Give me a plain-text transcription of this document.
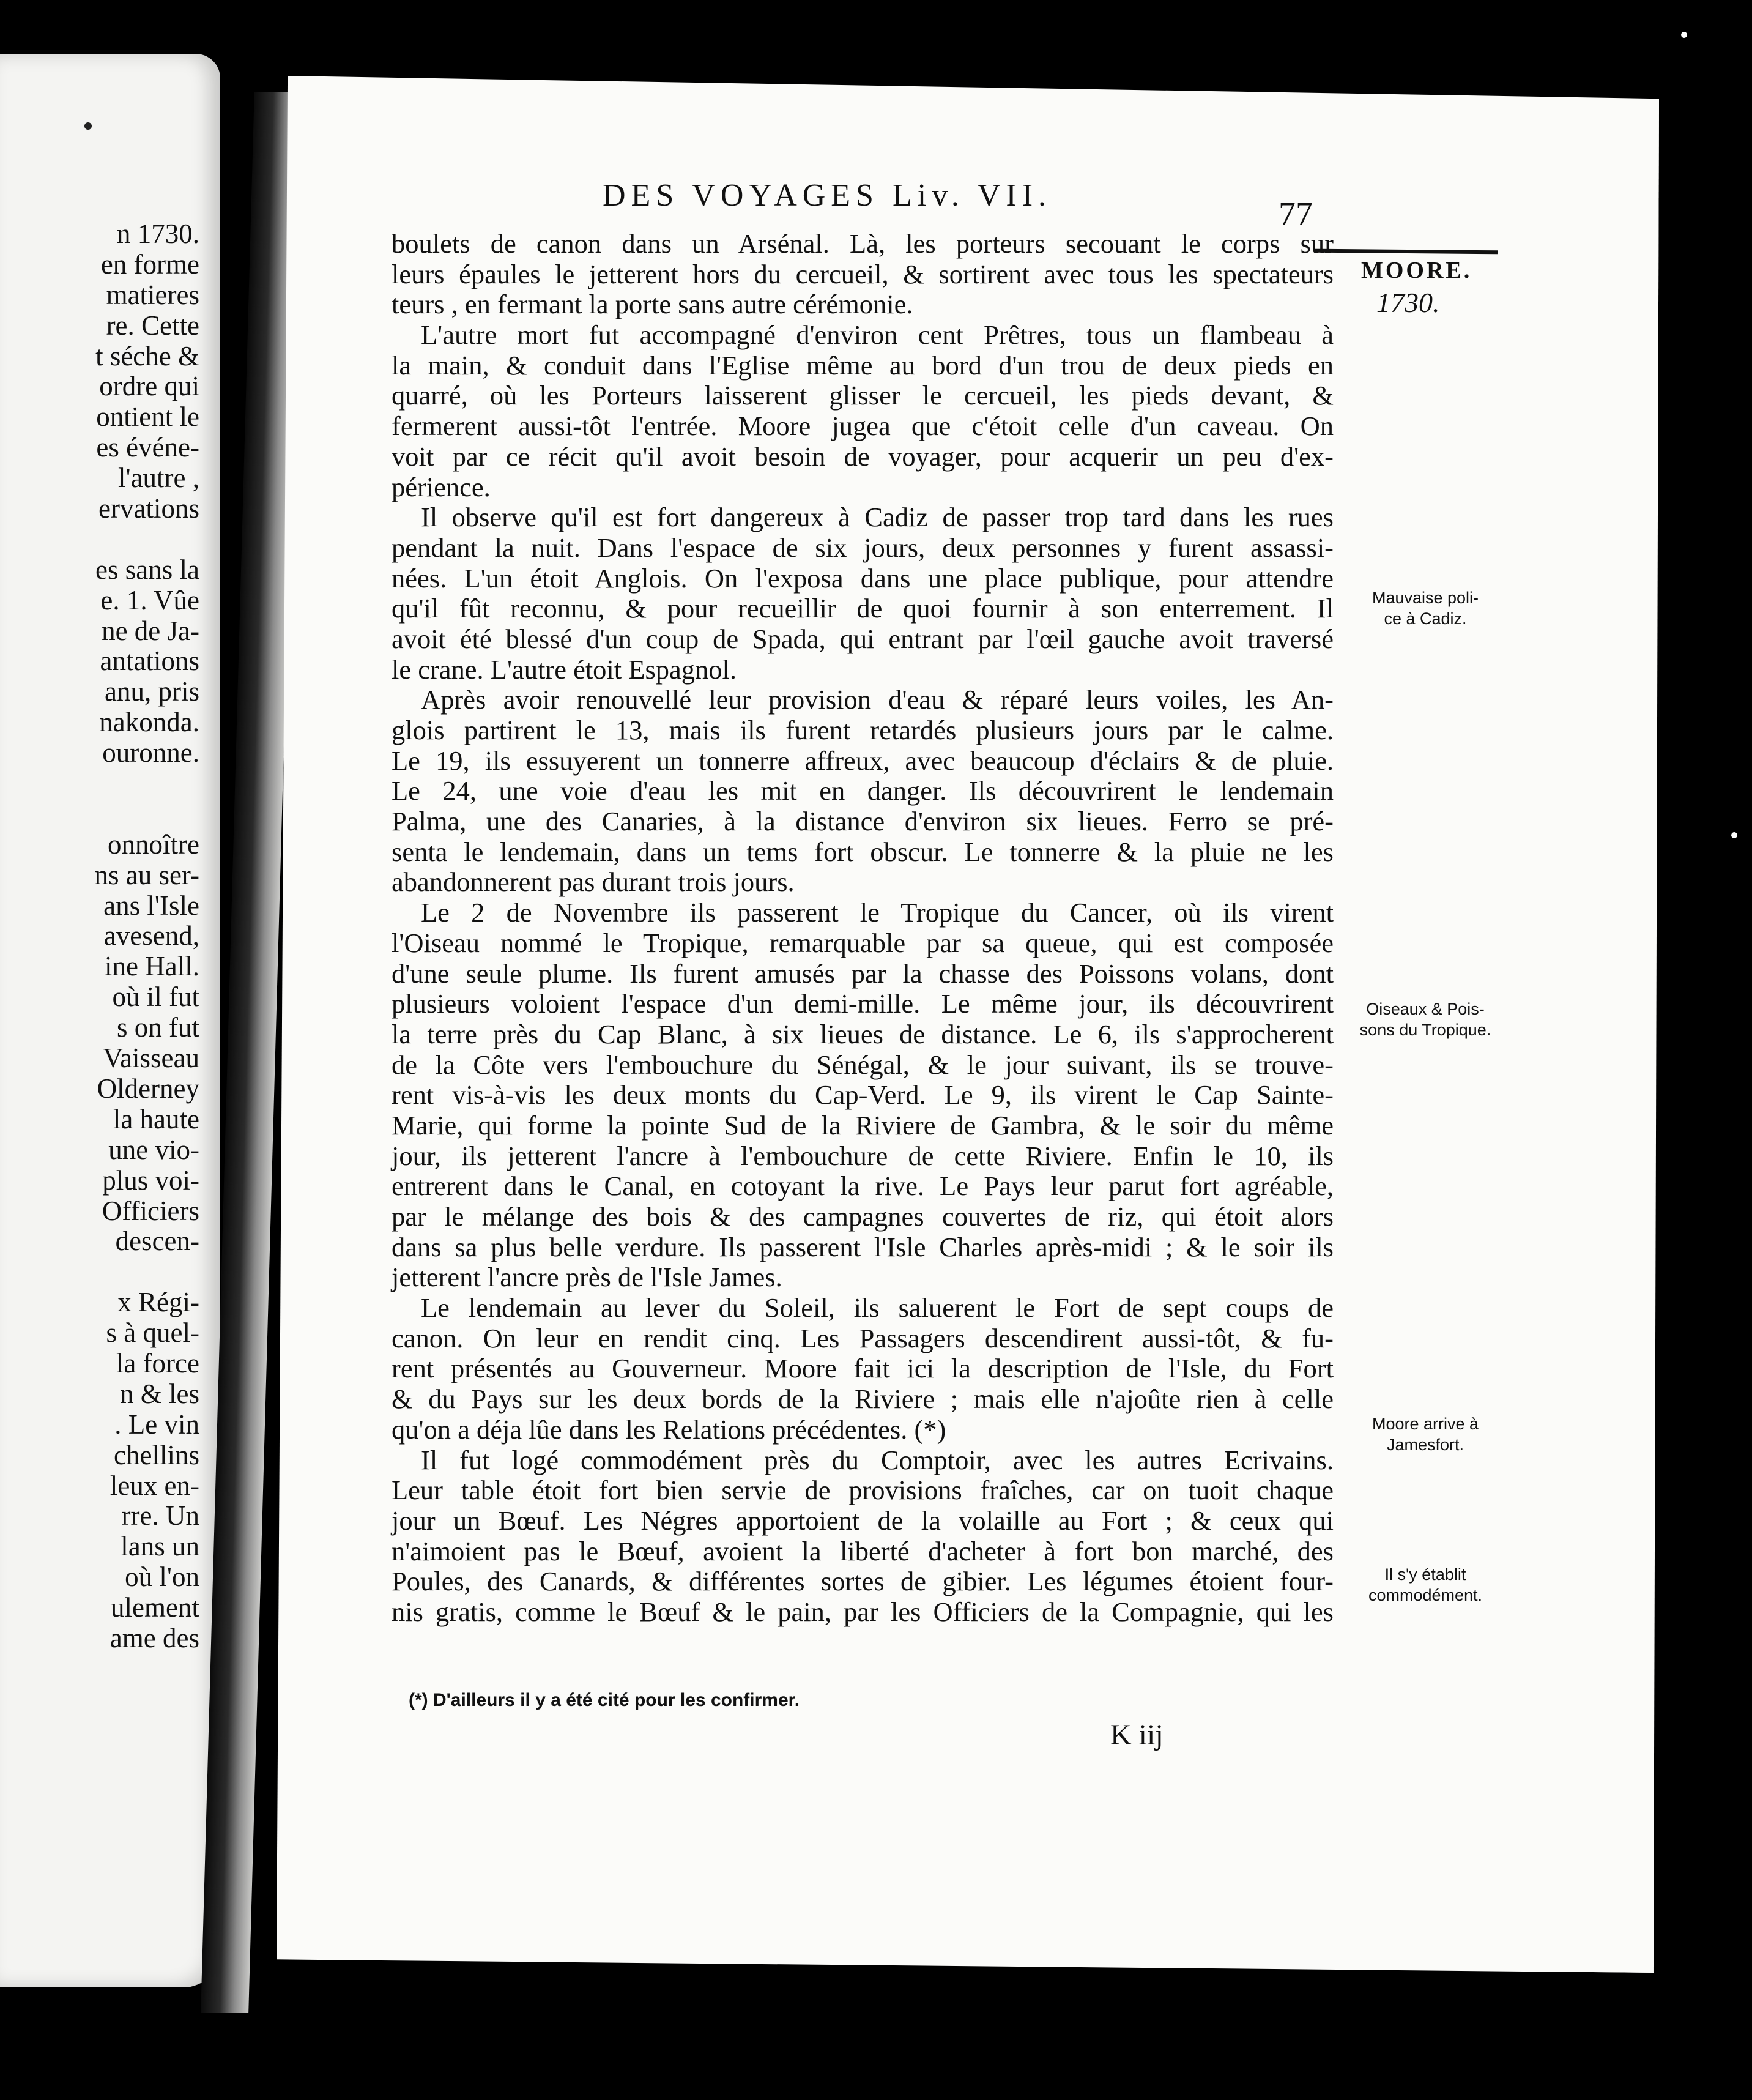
n 1730.
en forme
matieres
re. Cette
t séche &
ordre qui
ontient le
es événe-
l'autre ,
ervations
es sans la
e. 1. Vûe
ne de Ja-
antations
anu, pris
nakonda.
ouronne.
onnoître
ns au ser-
ans l'Isle
avesend,
ine Hall.
où il fut
s on fut
Vaisseau
Olderney
la haute
une vio-
plus voi-
Officiers
descen-
x Régi-
s à quel-
la force
n & les
. Le vin
chellins
leux en-
rre. Un
lans un
où l'on
ulement
ame des
DES VOYAGES Liv. VII.	77
MOORE.
1730.
boulets de canon dans un Arsénal. Là, les porteurs secouant le corps sur
leurs épaules le jetterent hors du cercueil, & sortirent avec tous les spectateurs
teurs , en fermant la porte sans autre cérémonie.
L'autre mort fut accompagné d'environ cent Prêtres, tous un flambeau à
la main, & conduit dans l'Eglise même au bord d'un trou de deux pieds en
quarré, où les Porteurs laisserent glisser le cercueil, les pieds devant, &
fermerent aussi-tôt l'entrée. Moore jugea que c'étoit celle d'un caveau. On
voit par ce récit qu'il avoit besoin de voyager, pour acquerir un peu d'ex-
périence.
Il observe qu'il est fort dangereux à Cadiz de passer trop tard dans les rues
pendant la nuit. Dans l'espace de six jours, deux personnes y furent assassi-
nées. L'un étoit Anglois. On l'exposa dans une place publique, pour attendre
qu'il fût reconnu, & pour recueillir de quoi fournir à son enterrement. Il
avoit été blessé d'un coup de Spada, qui entrant par l'œil gauche avoit traversé
le crane. L'autre étoit Espagnol.
Après avoir renouvellé leur provision d'eau & réparé leurs voiles, les An-
glois partirent le 13, mais ils furent retardés plusieurs jours par le calme.
Le 19, ils essuyerent un tonnerre affreux, avec beaucoup d'éclairs & de pluie.
Le 24, une voie d'eau les mit en danger. Ils découvrirent le lendemain
Palma, une des Canaries, à la distance d'environ six lieues. Ferro se pré-
senta le lendemain, dans un tems fort obscur. Le tonnerre & la pluie ne les
abandonnerent pas durant trois jours.
Le 2 de Novembre ils passerent le Tropique du Cancer, où ils virent
l'Oiseau nommé le Tropique, remarquable par sa queue, qui est composée
d'une seule plume. Ils furent amusés par la chasse des Poissons volans, dont
plusieurs voloient l'espace d'un demi-mille. Le même jour, ils découvrirent
la terre près du Cap Blanc, à six lieues de distance. Le 6, ils s'approcherent
de la Côte vers l'embouchure du Sénégal, & le jour suivant, ils se trouve-
rent vis-à-vis les deux monts du Cap-Verd. Le 9, ils virent le Cap Sainte-
Marie, qui forme la pointe Sud de la Riviere de Gambra, & le soir du même
jour, ils jetterent l'ancre à l'embouchure de cette Riviere. Enfin le 10, ils
entrerent dans le Canal, en cotoyant la rive. Le Pays leur parut fort agréable,
par le mélange des bois & des campagnes couvertes de riz, qui étoit alors
dans sa plus belle verdure. Ils passerent l'Isle Charles après-midi ; & le soir ils
jetterent l'ancre près de l'Isle James.
Le lendemain au lever du Soleil, ils saluerent le Fort de sept coups de
canon. On leur en rendit cinq. Les Passagers descendirent aussi-tôt, & fu-
rent présentés au Gouverneur. Moore fait ici la description de l'Isle, du Fort
& du Pays sur les deux bords de la Riviere ; mais elle n'ajoûte rien à celle
qu'on a déja lûe dans les Relations précédentes. (*)
Il fut logé commodément près du Comptoir, avec les autres Ecrivains.
Leur table étoit fort bien servie de provisions fraîches, car on tuoit chaque
jour un Bœuf. Les Négres apportoient de la volaille au Fort ; & ceux qui
n'aimoient pas le Bœuf, avoient la liberté d'acheter à fort bon marché, des
Poules, des Canards, & différentes sortes de gibier. Les légumes étoient four-
nis gratis, comme le Bœuf & le pain, par les Officiers de la Compagnie, qui les
Mauvaise poli-
ce à Cadiz.
Oiseaux & Pois-
sons du Tropique.
Moore arrive à
Jamesfort.
Il s'y établit
commodément.
(*) D'ailleurs il y a été cité pour les confirmer.
K iij
